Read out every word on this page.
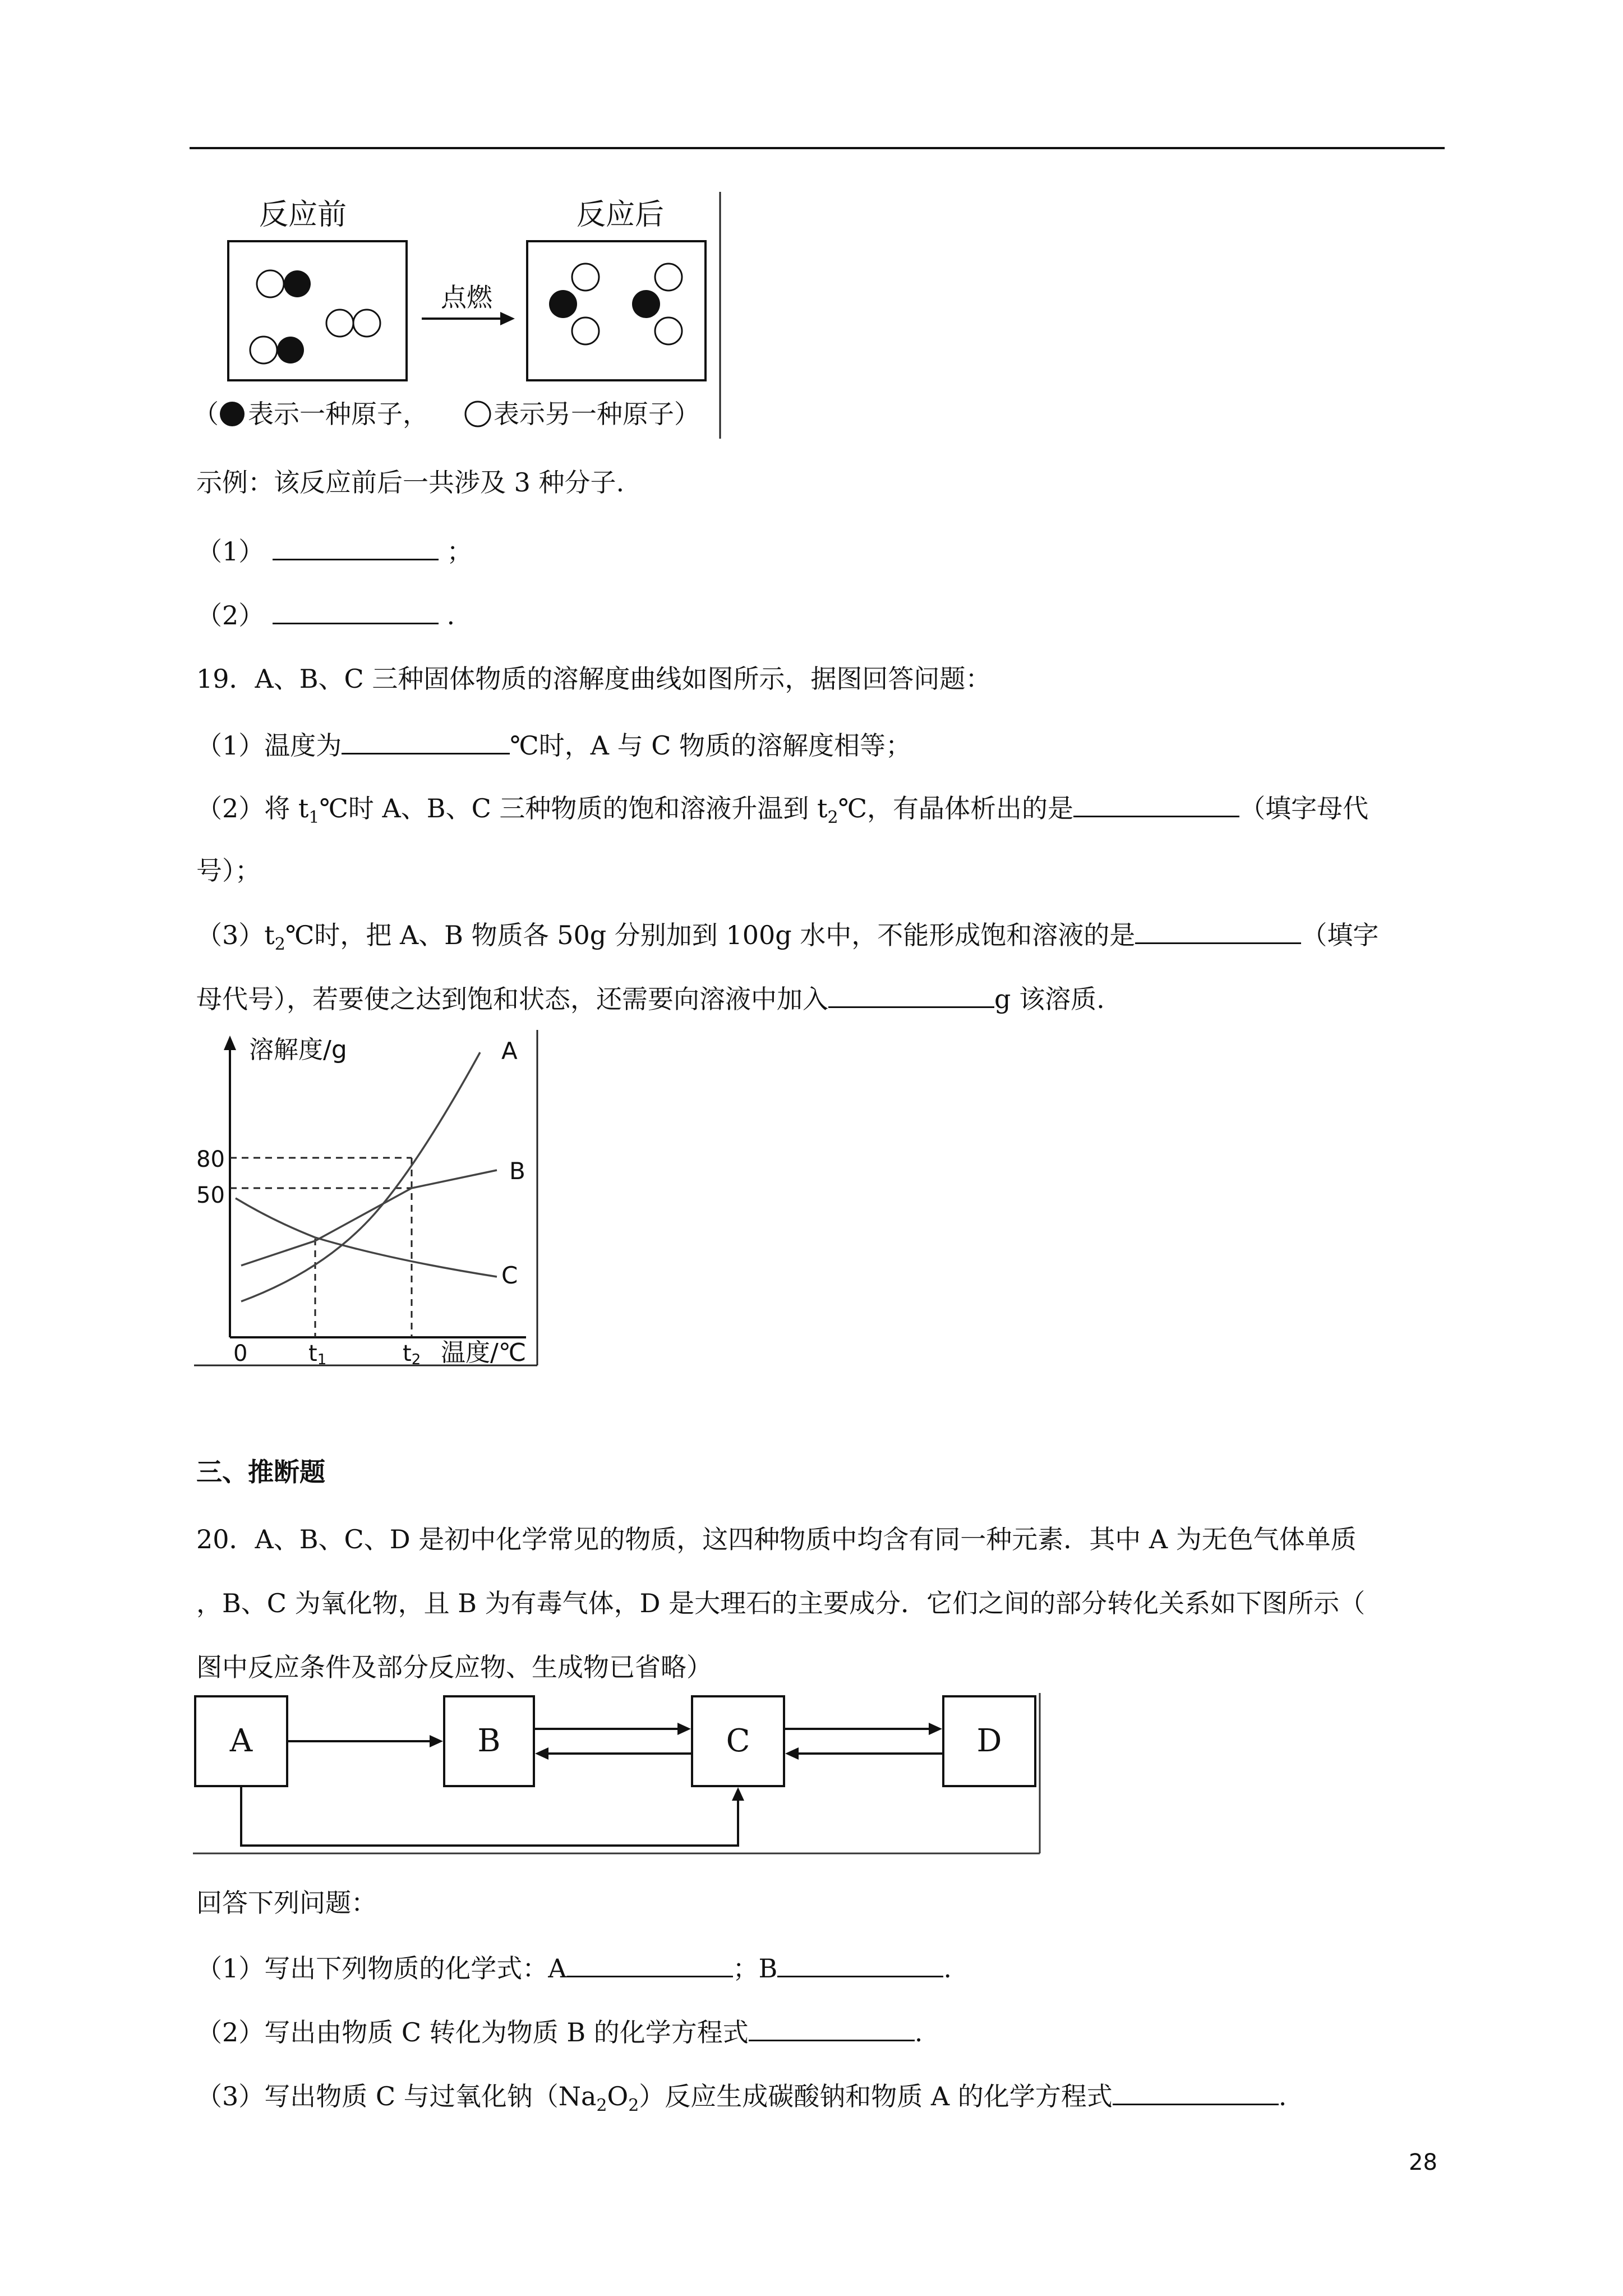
反应前	反应后
点燃
（ 表示一种原子，	表示另一种原子）
示例：该反应前后一共涉及 3 种分子.
（1）	；
（2）	.
19．A、B、C 三种固体物质的溶解度曲线如图所示，据图回答问题：
（1）温度为	℃时，A 与 C 物质的溶解度相等；
（2）将 $t_1℃$时 A、B、C 三种物质的饱和溶液升温到 $t_2℃$，有晶体析出的是	（填字母代
号）；
$(3)t_2℃$时，把 A、B 物质各 50g 分别加到 100g 水中，不能形成饱和溶液的是	（填字
母代号），若要使之达到饱和状态，还需要向溶液中加入	g 该溶质.
溶解度/g
温度/℃
0	t1	t2
80
50
A
B
C
三、推断题
20．A、B、C、D 是初中化学常见的物质，这四种物质中均含有同一种元素．其中 A 为无色气体单质
，B、C 为氧化物，且 B 为有毒气体，D 是大理石的主要成分．它们之间的部分转化关系如下图所示（
图中反应条件及部分反应物、生成物已省略）
A	B	C	D
回答下列问题：
（1）写出下列物质的化学式：A	；B	.
（2）写出由物质 C 转化为物质 B 的化学方程式	.
（3）写出物质 C 与过氧化钠$(Na_2O_2)$反应生成碳酸钠和物质 A 的化学方程式	.
28
